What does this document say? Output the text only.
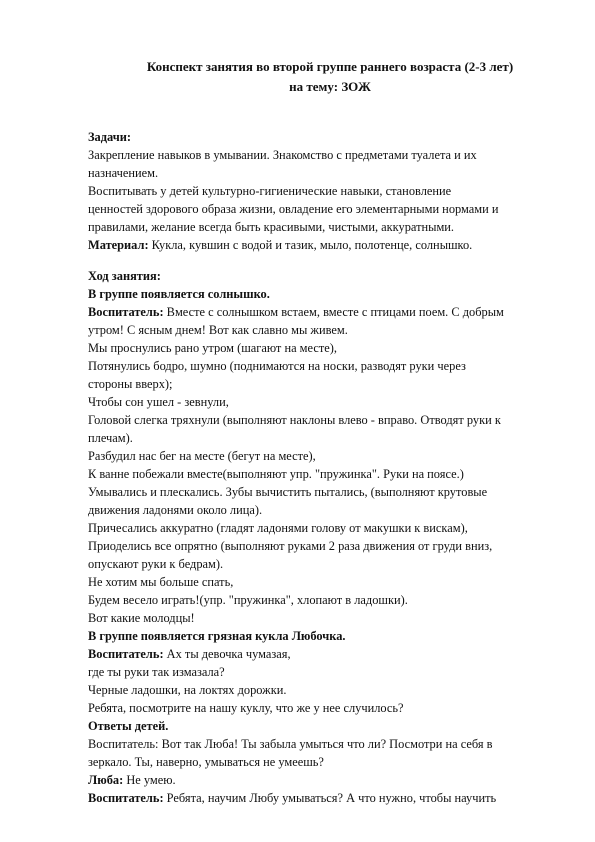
Конспект занятия во второй группе раннего возраста (2-3 лет)
на тему: ЗОЖ
Задачи:
Закрепление навыков в умывании. Знакомство с предметами туалета и их
назначением.
Воспитывать у детей культурно-гигиенические навыки, становление
ценностей здорового образа жизни, овладение его элементарными нормами и
правилами, желание всегда быть красивыми, чистыми, аккуратными.
Материал: Кукла, кувшин с водой и тазик, мыло, полотенце, солнышко.
Ход занятия:
В группе появляется солнышко.
Воспитатель: Вместе с солнышком встаем, вместе с птицами поем. С добрым
утром! С ясным днем! Вот как славно мы живем.
Мы проснулись рано утром (шагают на месте),
Потянулись бодро, шумно (поднимаются на носки, разводят руки через
стороны вверх);
Чтобы сон ушел - зевнули,
Головой слегка тряхнули (выполняют наклоны влево - вправо. Отводят руки к
плечам).
Разбудил нас бег на месте (бегут на месте),
К ванне побежали вместе(выполняют упр. "пружинка". Руки на поясе.)
Умывались и плескались. Зубы вычистить пытались, (выполняют крутовые
движения ладонями около лица).
Причесались аккуратно (гладят ладонями голову от макушки к вискам),
Приоделись все опрятно (выполняют руками 2 раза движения от груди вниз,
опускают руки к бедрам).
Не хотим мы больше спать,
Будем весело играть!(упр. "пружинка", хлопают в ладошки).
Вот какие молодцы!
В группе появляется грязная кукла Любочка.
Воспитатель: Ах ты девочка чумазая,
где ты руки так измазала?
Черные ладошки, на локтях дорожки.
Ребята, посмотрите на нашу куклу, что же у нее случилось?
Ответы детей.
Воспитатель: Вот так Люба! Ты забыла умыться что ли? Посмотри на себя в
зеркало. Ты, наверно, умываться не умеешь?
Люба: Не умею.
Воспитатель: Ребята, научим Любу умываться? А что нужно, чтобы научить
